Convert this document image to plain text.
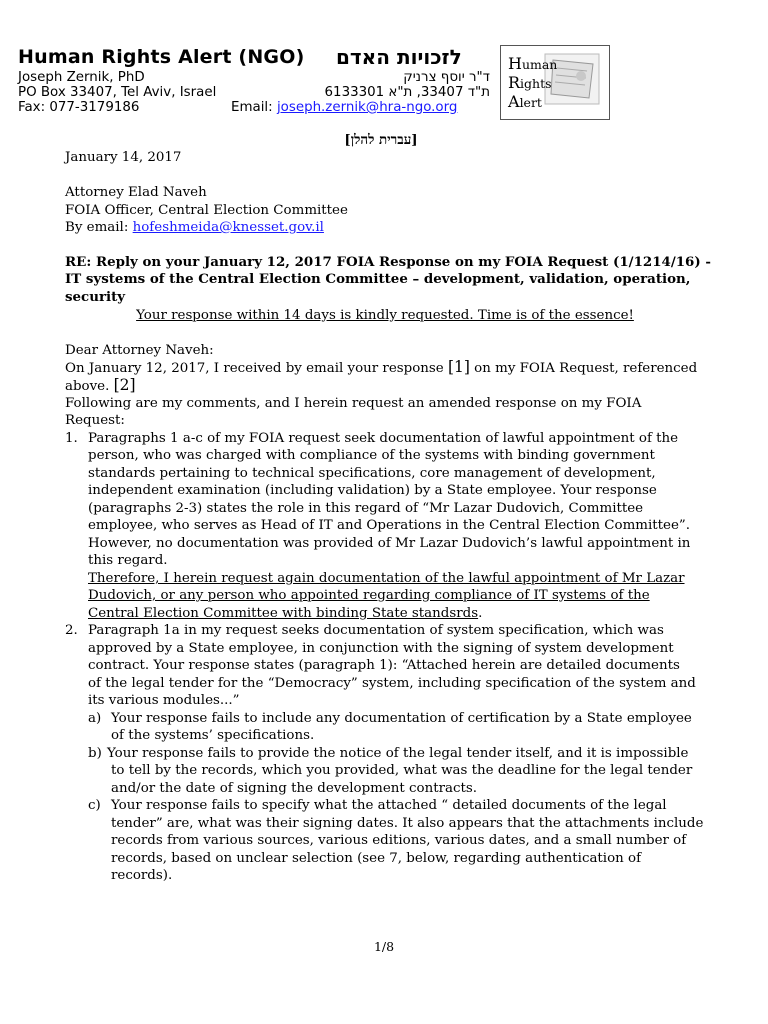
Human Rights Alert (NGO) לזכויות האדם
Joseph Zernik, PhD	ד"ר יוסף צרניק
PO Box 33407, Tel Aviv, Israel	ת"ד 33407, ת"א 6133301
Fax: 077-3179186	Email: joseph.zernik@hra-ngo.org
Human
Rights
Alert
[עברית להלן]
January 14, 2017
Attorney Elad Naveh
FOIA Officer, Central Election Committee
By email: hofeshmeida@knesset.gov.il
RE: Reply on your January 12, 2017 FOIA Response on my FOIA Request (1/1214/16) -
IT systems of the Central Election Committee – development, validation, operation,
security
Your response within 14 days is kindly requested. Time is of the essence!
Dear Attorney Naveh:
On January 12, 2017, I received by email your response [1] on my FOIA Request, referenced
above. [2]
Following are my comments, and I herein request an amended response on my FOIA
Request:
1. Paragraphs 1 a-c of my FOIA request seek documentation of lawful appointment of the
person, who was charged with compliance of the systems with binding government
standards pertaining to technical specifications, core management of development,
independent examination (including validation) by a State employee. Your response
(paragraphs 2-3) states the role in this regard of “Mr Lazar Dudovich, Committee
employee, who serves as Head of IT and Operations in the Central Election Committee”.
However, no documentation was provided of Mr Lazar Dudovich’s lawful appointment in
this regard.
Therefore, I herein request again documentation of the lawful appointment of Mr Lazar
Dudovich, or any person who appointed regarding compliance of IT systems of the
Central Election Committee with binding State standsrds.
2. Paragraph 1a in my request seeks documentation of system specification, which was
approved by a State employee, in conjunction with the signing of system development
contract. Your response states (paragraph 1): “Attached herein are detailed documents
of the legal tender for the “Democracy” system, including specification of the system and
its various modules...”
a) Your response fails to include any documentation of certification by a State employee
of the systems’ specifications.
b) Your response fails to provide the notice of the legal tender itself, and it is impossible
to tell by the records, which you provided, what was the deadline for the legal tender
and/or the date of signing the development contracts.
c) Your response fails to specify what the attached “ detailed documents of the legal
tender” are, what was their signing dates. It also appears that the attachments include
records from various sources, various editions, various dates, and a small number of
records, based on unclear selection (see 7, below, regarding authentication of
records).
1/8
